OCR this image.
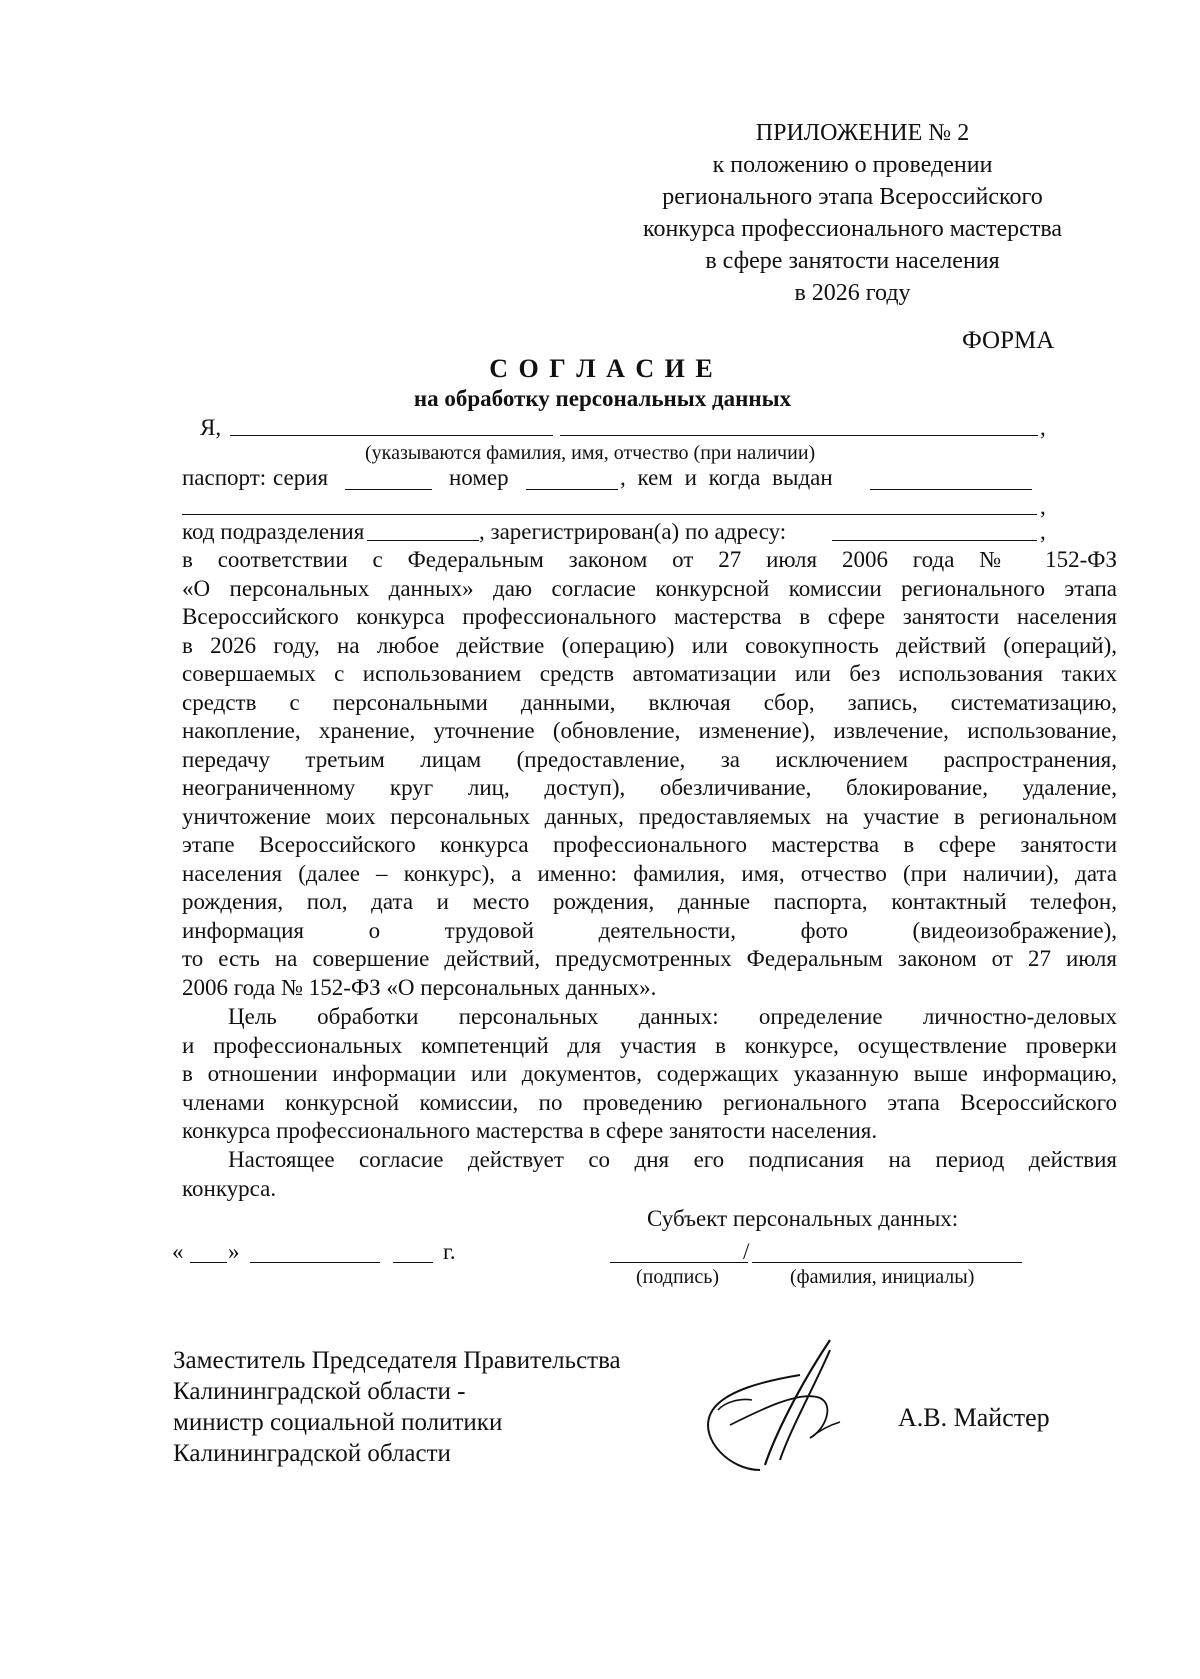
ПРИЛОЖЕНИЕ № 2
к положению о проведении
регионального этапа Всероссийского
конкурса профессионального мастерства
в сфере занятости населения
в 2026 году
ФОРМА
С О Г Л А С И Е
на обработку персональных данных
Я,	,
(указываются фамилия, имя, отчество (при наличии)
паспорт: серия	номер	, кем и когда выдан
,
код подразделения	, зарегистрирован(а) по адресу:	,
в соответствии с Федеральным законом от 27 июля 2006 года № 152-ФЗ
«О персональных данных» даю согласие конкурсной комиссии регионального этапа
Всероссийского конкурса профессионального мастерства в сфере занятости населения
в 2026 году, на любое действие (операцию) или совокупность действий (операций),
совершаемых с использованием средств автоматизации или без использования таких
средств с персональными данными, включая сбор, запись, систематизацию,
накопление, хранение, уточнение (обновление, изменение), извлечение, использование,
передачу третьим лицам (предоставление, за исключением распространения,
неограниченному круг лиц, доступ), обезличивание, блокирование, удаление,
уничтожение моих персональных данных, предоставляемых на участие в региональном
этапе Всероссийского конкурса профессионального мастерства в сфере занятости
населения (далее – конкурс), а именно: фамилия, имя, отчество (при наличии), дата
рождения, пол, дата и место рождения, данные паспорта, контактный телефон,
информация о трудовой деятельности, фото (видеоизображение),
то есть на совершение действий, предусмотренных Федеральным законом от 27 июля
2006 года № 152-ФЗ «О персональных данных».
Цель обработки персональных данных: определение личностно-деловых
и профессиональных компетенций для участия в конкурсе, осуществление проверки
в отношении информации или документов, содержащих указанную выше информацию,
членами конкурсной комиссии, по проведению регионального этапа Всероссийского
конкурса профессионального мастерства в сфере занятости населения.
Настоящее согласие действует со дня его подписания на период действия
конкурса.
Субъект персональных данных:
« »	г.	/
(подпись)	(фамилия, инициалы)
Заместитель Председателя Правительства
Калининградской области -
министр социальной политики
Калининградской области
А.В. Майстер
